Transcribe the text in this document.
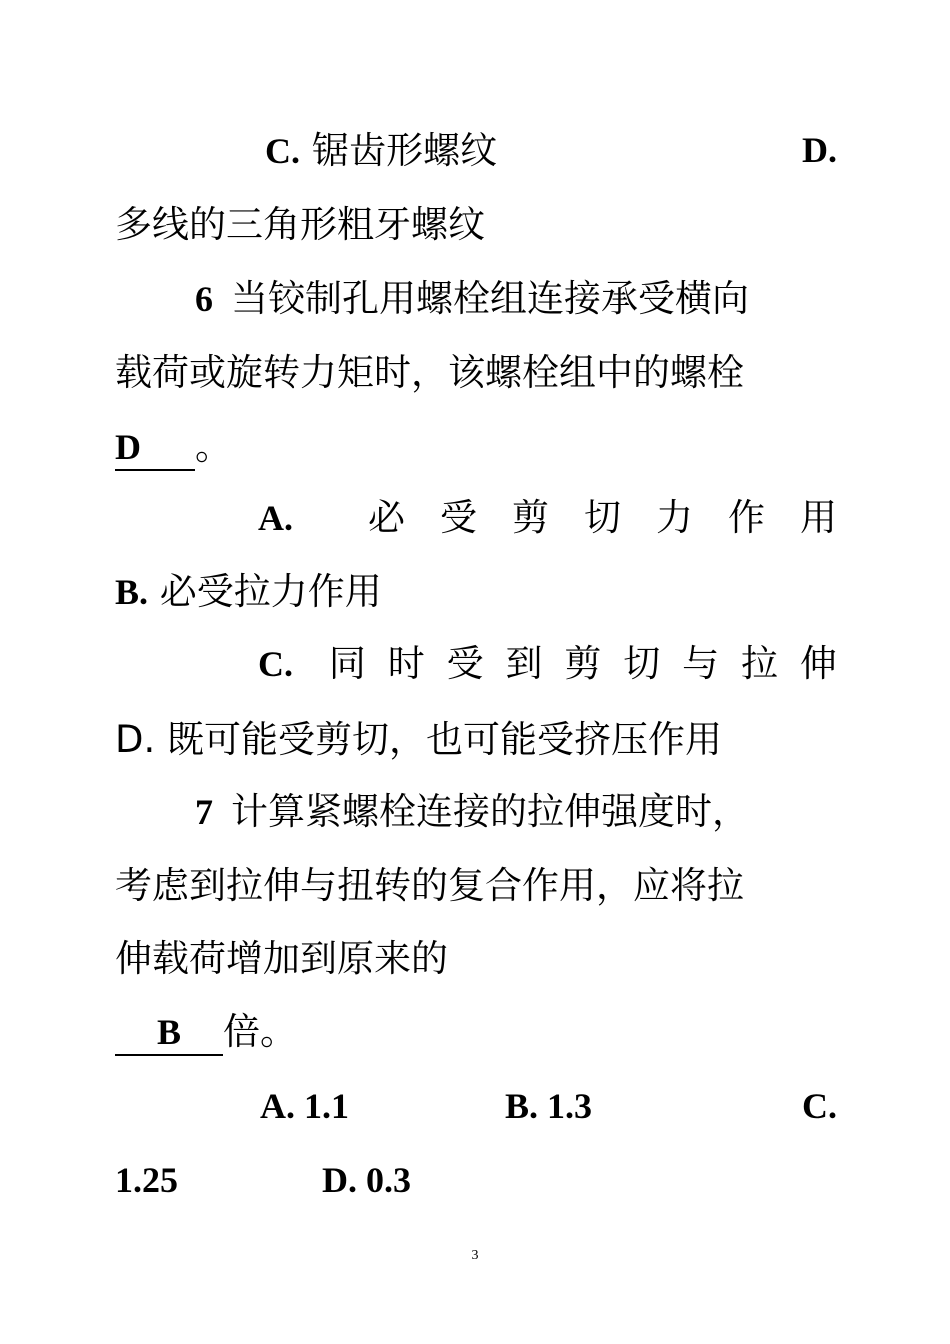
C. 锯齿形螺纹	D.
多线的三角形粗牙螺纹
6 当铰制孔用螺栓组连接承受横向
载荷或旋转力矩时，该螺栓组中的螺栓
D 。
A. 必 受 剪 切 力 作 用
B. 必受拉力作用
C. 同 时 受 到 剪 切 与 拉 伸
D. 既可能受剪切，也可能受挤压作用
7 计算紧螺栓连接的拉伸强度时，
考虑到拉伸与扭转的复合作用，应将拉
伸载荷增加到原来的
B 倍。
A. 1.1	B. 1.3	C.
1.25	D. 0.3
3
